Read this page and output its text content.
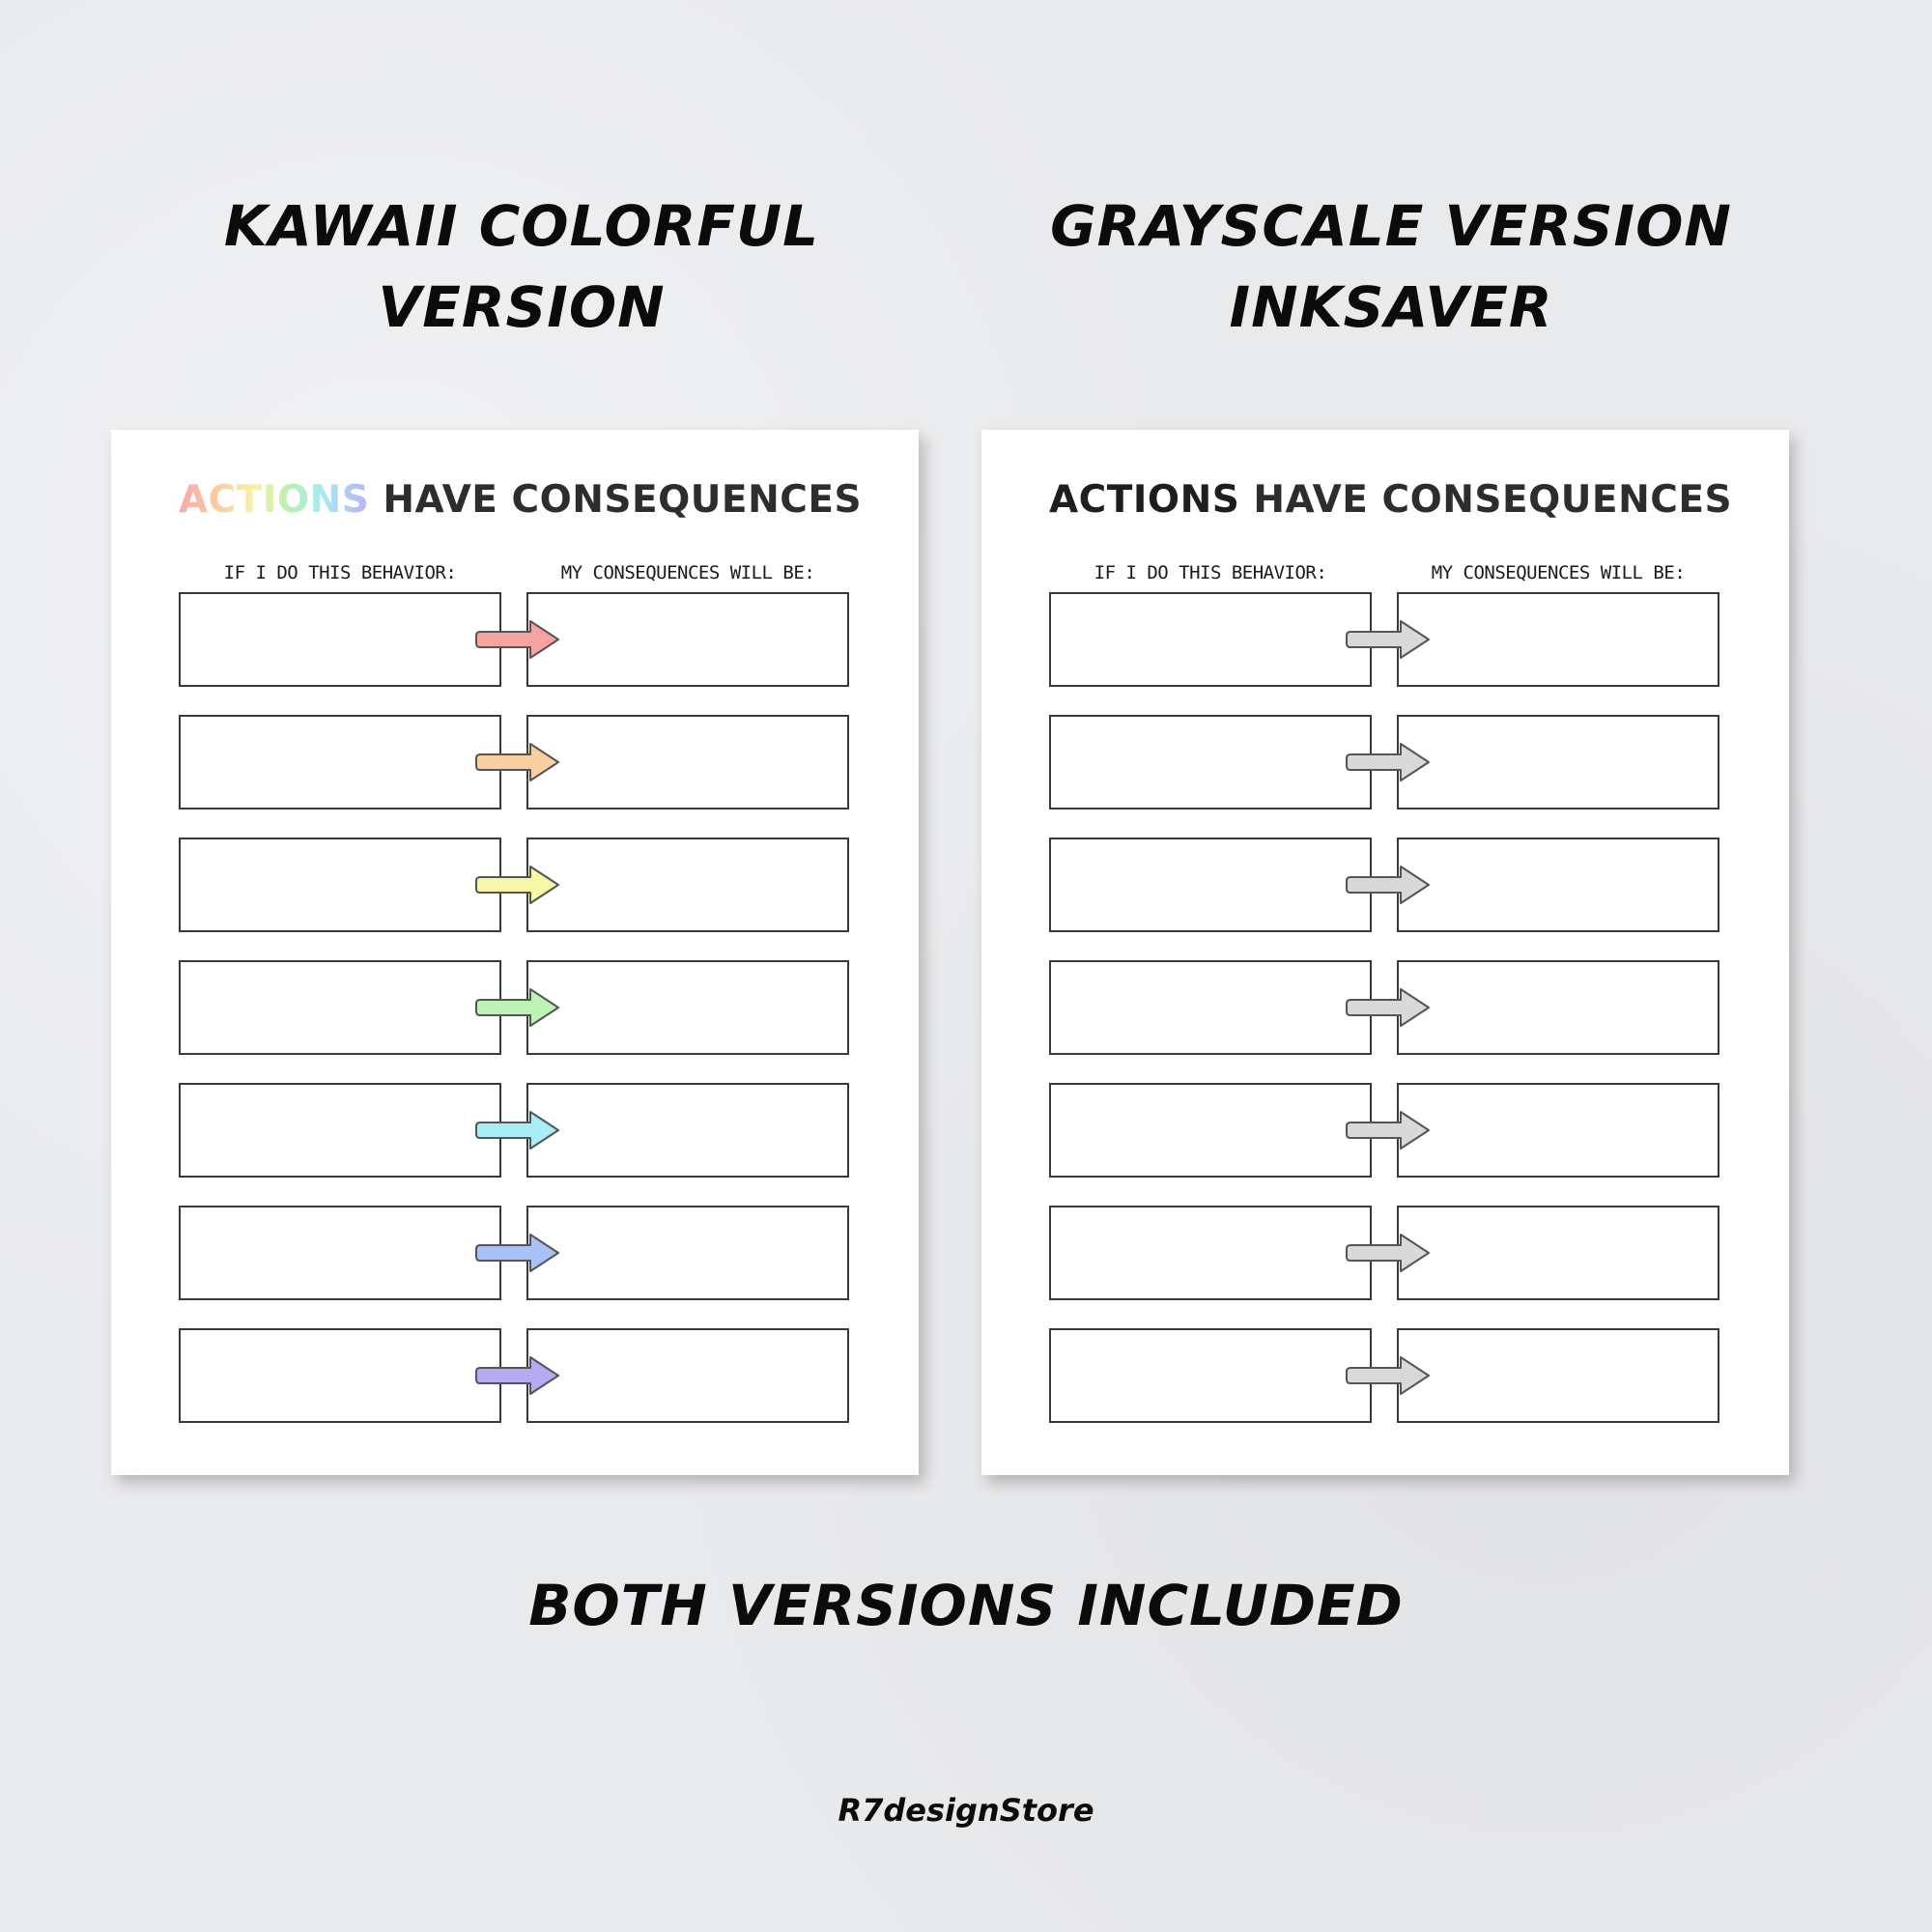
KAWAII COLORFUL
VERSION
GRAYSCALE VERSION
INKSAVER
ACTIONS HAVE CONSEQUENCES

IF I DO THIS BEHAVIOR:	MY CONSEQUENCES WILL BE:

ACTIONS HAVE CONSEQUENCES

IF I DO THIS BEHAVIOR:	MY CONSEQUENCES WILL BE:

BOTH VERSIONS INCLUDED

R7designStore
